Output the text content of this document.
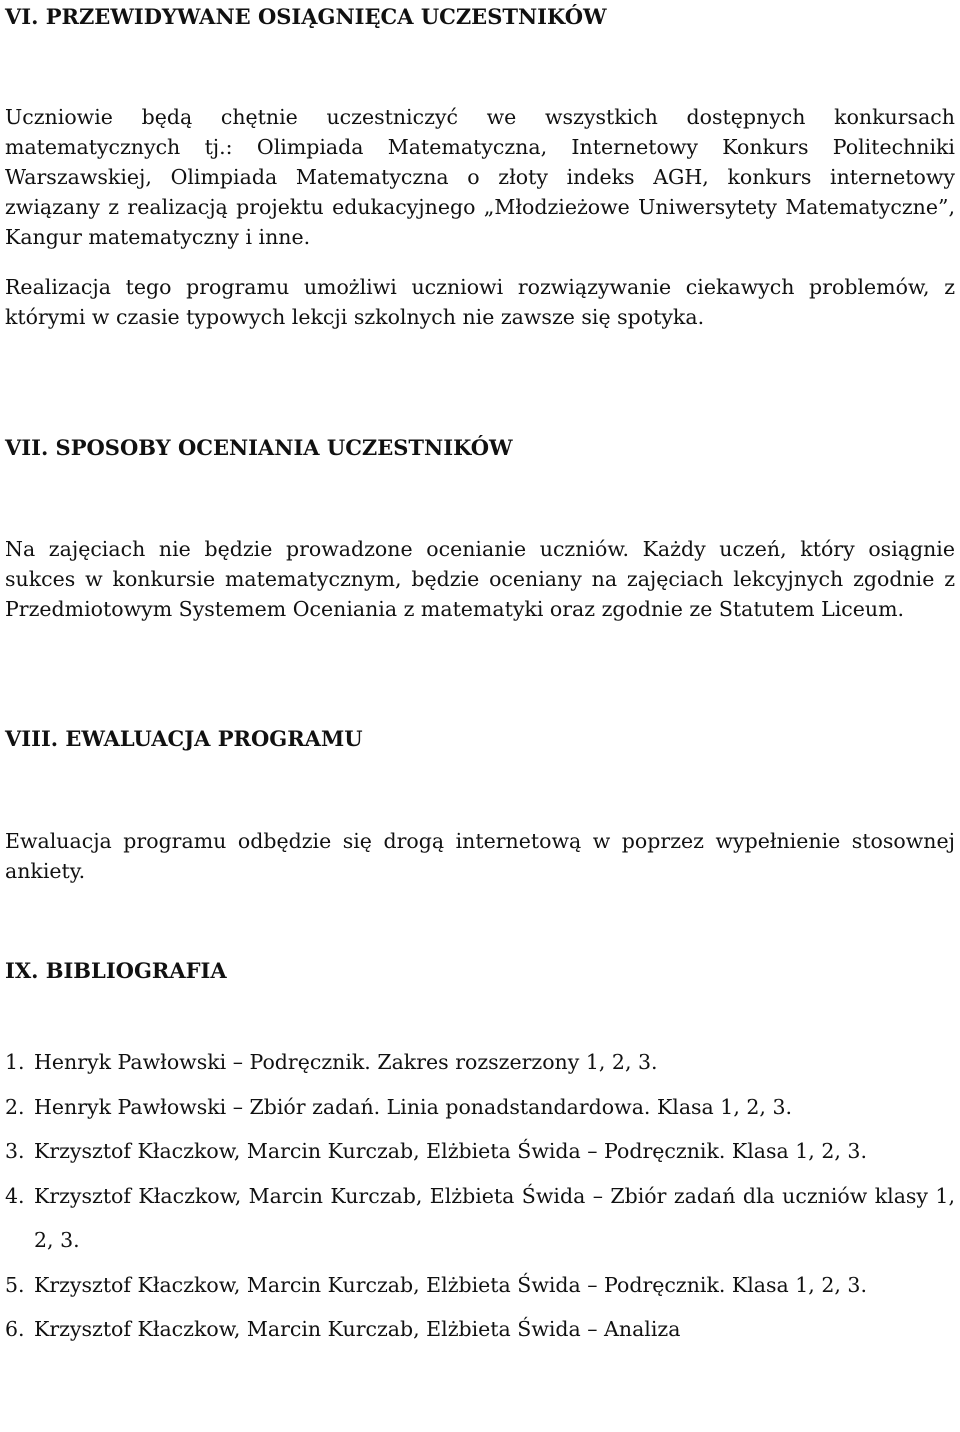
VI. PRZEWIDYWANE OSIĄGNIĘCA UCZESTNIKÓW

Uczniowie będą chętnie uczestniczyć we wszystkich dostępnych konkursach matematycznych tj.: Olimpiada Matematyczna, Internetowy Konkurs Politechniki Warszawskiej, Olimpiada Matematyczna o złoty indeks AGH, konkurs internetowy związany z realizacją projektu edukacyjnego „Młodzieżowe Uniwersytety Matematyczne”, Kangur matematyczny i inne.

Realizacja tego programu umożliwi uczniowi rozwiązywanie ciekawych problemów, z którymi w czasie typowych lekcji szkolnych nie zawsze się spotyka.

VII. SPOSOBY OCENIANIA UCZESTNIKÓW

Na zajęciach nie będzie prowadzone ocenianie uczniów. Każdy uczeń, który osiągnie sukces w konkursie matematycznym, będzie oceniany na zajęciach lekcyjnych zgodnie z Przedmiotowym Systemem Oceniania z matematyki oraz zgodnie ze Statutem Liceum.

VIII. EWALUACJA PROGRAMU

Ewaluacja programu odbędzie się drogą internetową w poprzez wypełnienie stosownej ankiety.

IX. BIBLIOGRAFIA
1. Henryk Pawłowski – Podręcznik. Zakres rozszerzony 1, 2, 3.
2. Henryk Pawłowski – Zbiór zadań. Linia ponadstandardowa. Klasa 1, 2, 3.
3. Krzysztof Kłaczkow, Marcin Kurczab, Elżbieta Świda – Podręcznik. Klasa 1, 2, 3.
4. Krzysztof Kłaczkow, Marcin Kurczab, Elżbieta Świda – Zbiór zadań dla uczniów klasy 1, 2, 3.
5. Krzysztof Kłaczkow, Marcin Kurczab, Elżbieta Świda – Podręcznik. Klasa 1, 2, 3.
6. Krzysztof Kłaczkow, Marcin Kurczab, Elżbieta Świda – Analiza
